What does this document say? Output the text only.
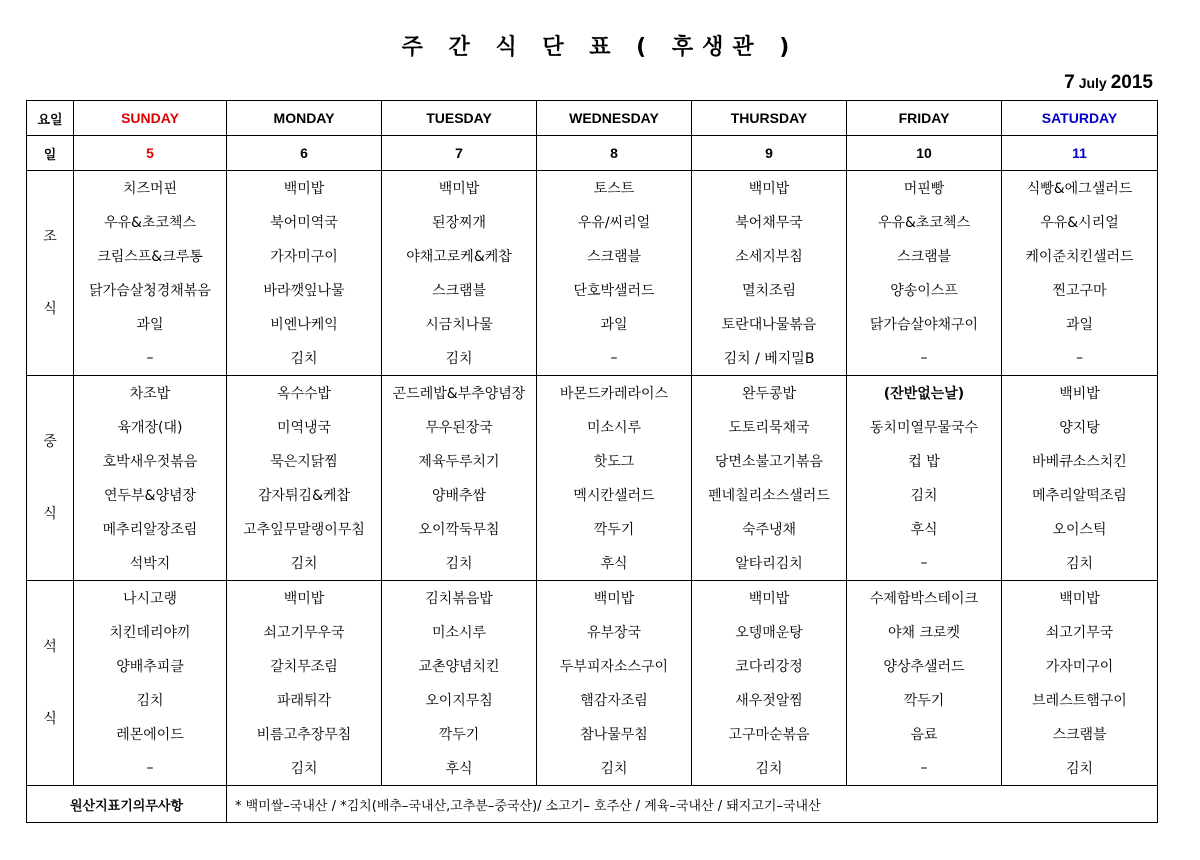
주 간 식 단 표 ( 후생관 )
7 July 2015
요일	SUNDAY	MONDAY	TUESDAY	WEDNESDAY	THURSDAY	FRIDAY	SATURDAY
일	5	6	7	8	9	10	11
조

식	치즈머핀	백미밥	백미밥	토스트	백미밥	머핀빵	식빵&에그샐러드
	우유&초코첵스	북어미역국	된장찌개	우유/씨리얼	북어채무국	우유&초코첵스	우유&시리얼
	크림스프&크루통	가자미구이	야채고로케&케찹	스크램블	소세지부침	스크램블	케이준치킨샐러드
	닭가슴살청경채볶음	바라깻잎나물	스크램블	단호박샐러드	멸치조림	양송이스프	찐고구마
	과일	비엔나케익	시금치나물	과일	토란대나물볶음	닭가슴살야채구이	과일
	–	김치	김치	–	김치 / 베지밀B	–	–
중

식	차조밥	옥수수밥	곤드레밥&부추양념장	바몬드카레라이스	완두콩밥	(잔반없는날)	백비밥
	육개장(대)	미역냉국	무우된장국	미소시루	도토리묵채국	동치미열무물국수	양지탕
	호박새우젓볶음	묵은지닭찜	제육두루치기	핫도그	당면소불고기볶음	컵 밥	바베큐소스치킨
	연두부&양념장	감자튀김&케찹	양배추쌈	멕시칸샐러드	펜네칠리소스샐러드	김치	메추리알떡조림
	메추리알장조림	고추잎무말랭이무침	오이깍둑무침	깍두기	숙주냉채	후식	오이스틱
	석박지	김치	김치	후식	알타리김치	–	김치
석

식	나시고랭	백미밥	김치볶음밥	백미밥	백미밥	수제함박스테이크	백미밥
	치킨데리야끼	쇠고기무우국	미소시루	유부장국	오뎅매운탕	야채 크로켓	쇠고기무국
	양배추피클	갈치무조림	교촌양념치킨	두부피자소스구이	코다리강정	양상추샐러드	가자미구이
	김치	파래튀각	오이지무침	햄감자조림	새우젓알찜	깍두기	브레스트햄구이
	레몬에이드	비름고추장무침	깍두기	참나물무침	고구마순볶음	음료	스크램블
	–	김치	후식	김치	김치	–	김치
원산지표기의무사항		* 백미쌀–국내산 / *김치(배추–국내산,고추분–중국산)/ 소고기– 호주산 / 계육–국내산 / 돼지고기–국내산					
